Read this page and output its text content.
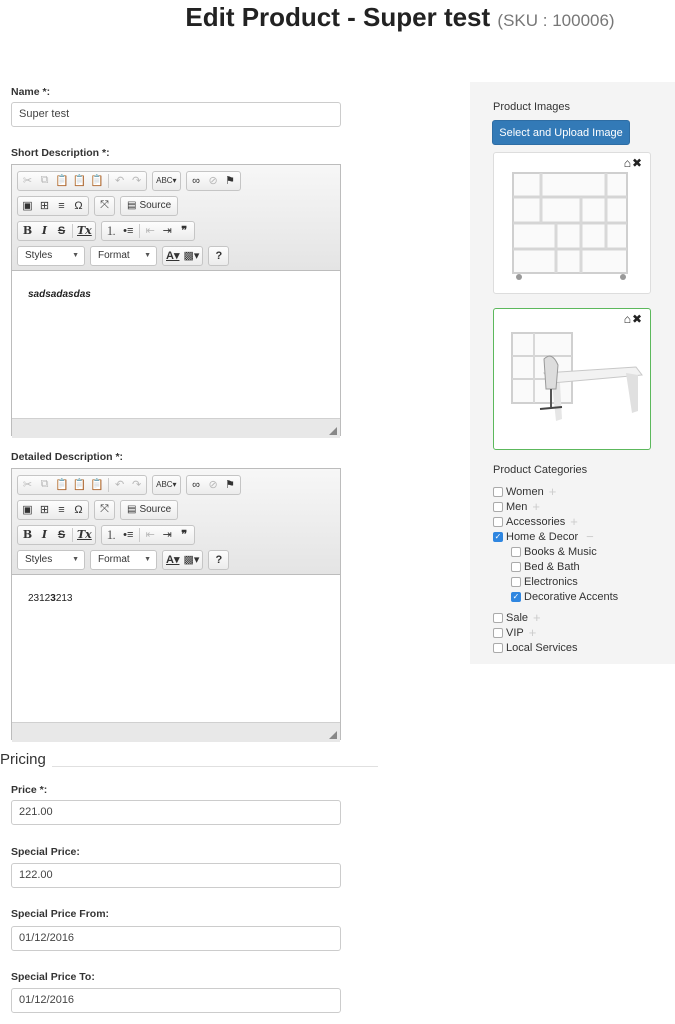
Edit Product - Super test (SKU : 100006)
Name *:
Super test
Short Description *:
✂ ⧉ 📋 📋 📋 ↶ ↷	ABC▾	∞ ⊘ ⚑
▣ ⊞ ≡ Ω	⤧	▤ Source
B I S	Tx ⒈ •≡	⇤ ⇥ ❞
Styles	▼ Format ▼ A▾ ▩▾	?
sadsadasdas
Detailed Description *:
✂ ⧉ 📋 📋 📋 ↶ ↷	ABC▾	∞ ⊘ ⚑
▣ ⊞ ≡ Ω	⤧	▤ Source
B I S	Tx ⒈ •≡	⇤ ⇥ ❞
Styles	▼ Format ▼ A▾ ▩▾	?
23123213
Pricing
Price *:
221.00
Special Price:
122.00
Special Price From:
01/12/2016
Special Price To:
01/12/2016
Product Images
Select and Upload Image
⌂ ✖
⌂ ✖
Product Categories
Women +
Men +
Accessories +
✓ Home & Decor −
Books & Music
Bed & Bath
Electronics
✓ Decorative Accents
Sale +
VIP +
Local Services
